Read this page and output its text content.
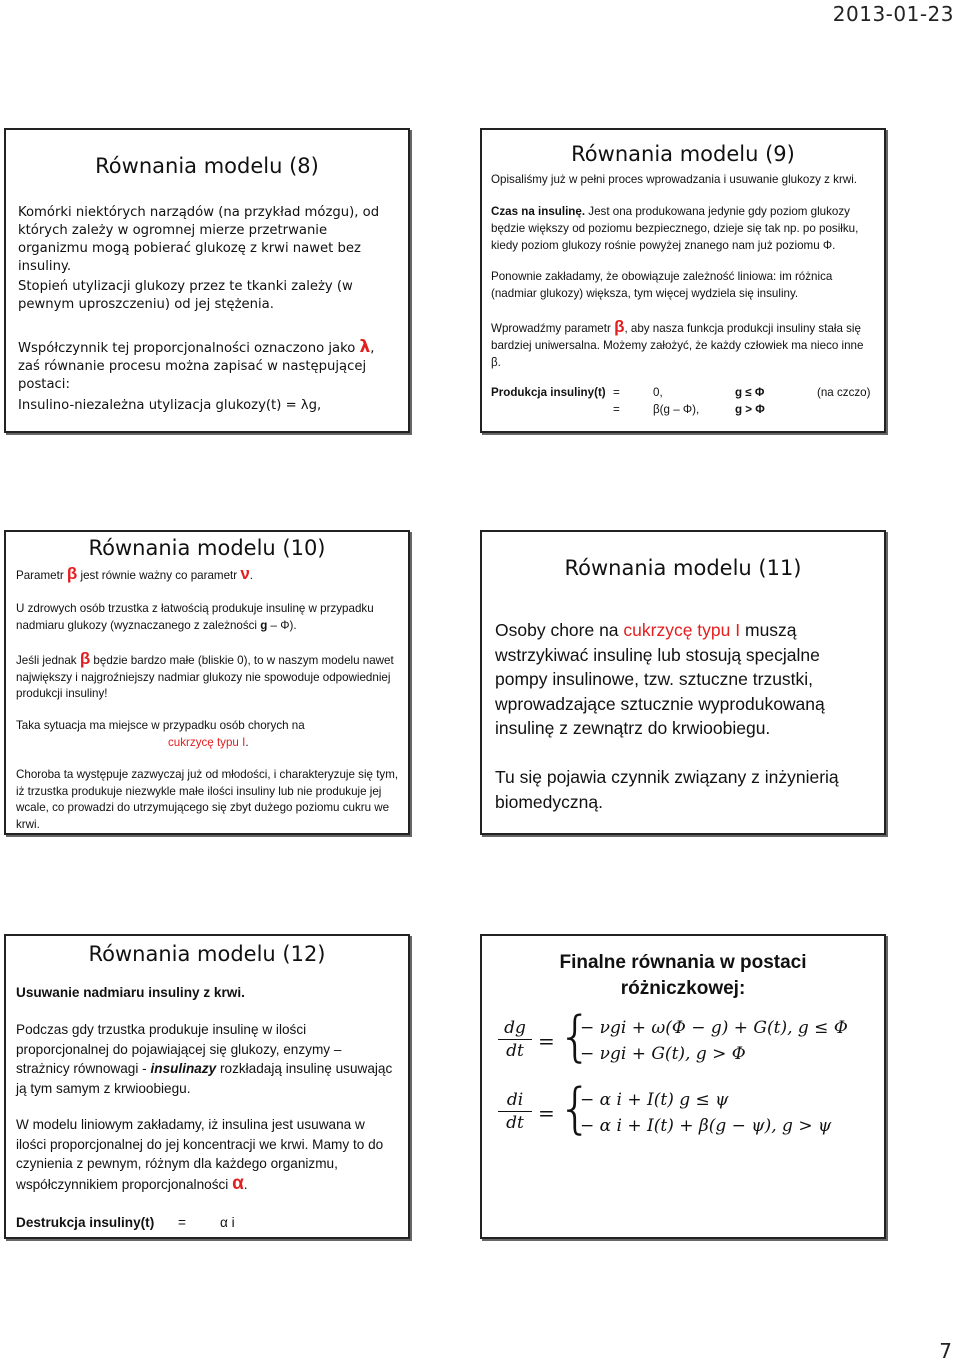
2013-01-23
Równania modelu (8)

Komórki niektórych narządów (na przykład mózgu), od których zależy w ogromnej mierze przetrwanie organizmu mogą pobierać glukozę z krwi nawet bez insuliny.

Stopień utylizacji glukozy przez te tkanki zależy (w pewnym uproszczeniu) od jej stężenia.

Współczynnik tej proporcjonalności oznaczono jako λ, zaś równanie procesu można zapisać w następującej postaci:

Insulino-niezależna utylizacja glukozy(t) = λg,

Równania modelu (9)

Opisaliśmy już w pełni proces wprowadzania i usuwanie glukozy z krwi.

Czas na insulinę. Jest ona produkowana jedynie gdy poziom glukozy będzie większy od poziomu bezpiecznego, dzieje się tak np. po posiłku, kiedy poziom glukozy rośnie powyżej znanego nam już poziomu Φ.

Ponownie zakładamy, że obowiązuje zależność liniowa: im różnica (nadmiar glukozy) większa, tym więcej wydziela się insuliny.

Wprowadźmy parametr β, aby nasza funkcja produkcji insuliny stała się bardziej uniwersalna. Możemy założyć, że każdy człowiek ma nieco inne β.

Produkcja insuliny(t) =	0,	g ≤ Φ	(na czczo)
=	β(g – Φ),	g > Φ
Równania modelu (10)

Parametr β jest równie ważny co parametr ν.

U zdrowych osób trzustka z łatwością produkuje insulinę w przypadku nadmiaru glukozy (wyznaczanego z zależności g – Φ).

Jeśli jednak β będzie bardzo małe (bliskie 0), to w naszym modelu nawet największy i najgroźniejszy nadmiar glukozy nie spowoduje odpowiedniej produkcji insuliny!

Taka sytuacja ma miejsce w przypadku osób chorych na

cukrzycę typu I.

Choroba ta występuje zazwyczaj już od młodości, i charakteryzuje się tym, iż trzustka produkuje niezwykle małe ilości insuliny lub nie produkuje jej wcale, co prowadzi do utrzymującego się zbyt dużego poziomu cukru we krwi.

Równania modelu (11)

Osoby chore na cukrzycę typu I muszą wstrzykiwać insulinę lub stosują specjalne pompy insulinowe, tzw. sztuczne trzustki, wprowadzające sztucznie wyprodukowaną insulinę z zewnątrz do krwioobiegu.

Tu się pojawia czynnik związany z inżynierią biomedyczną.

Równania modelu (12)

Usuwanie nadmiaru insuliny z krwi.

Podczas gdy trzustka produkuje insulinę w ilości proporcjonalnej do pojawiającej się glukozy, enzymy – strażnicy równowagi - insulinazy rozkładają insulinę usuwając ją tym samym z krwioobiegu.

W modelu liniowym zakładamy, iż insulina jest usuwana w ilości proporcjonalnej do jej koncentracji we krwi. Mamy to do czynienia z pewnym, różnym dla każdego organizmu, współczynnikiem proporcjonalności α.

Destrukcja insuliny(t) =	α i
Finalne równania w postaci różniczkowej:
$\frac{dg}{dt}$ = {
− νgi + ω(Φ − g) + G(t), g ≤ Φ
− νgi + G(t), g > Φ
$\frac{di}{dt}$ = {
− α i + I(t) g ≤ ψ
− α i + I(t) + β(g − ψ), g > ψ
7
